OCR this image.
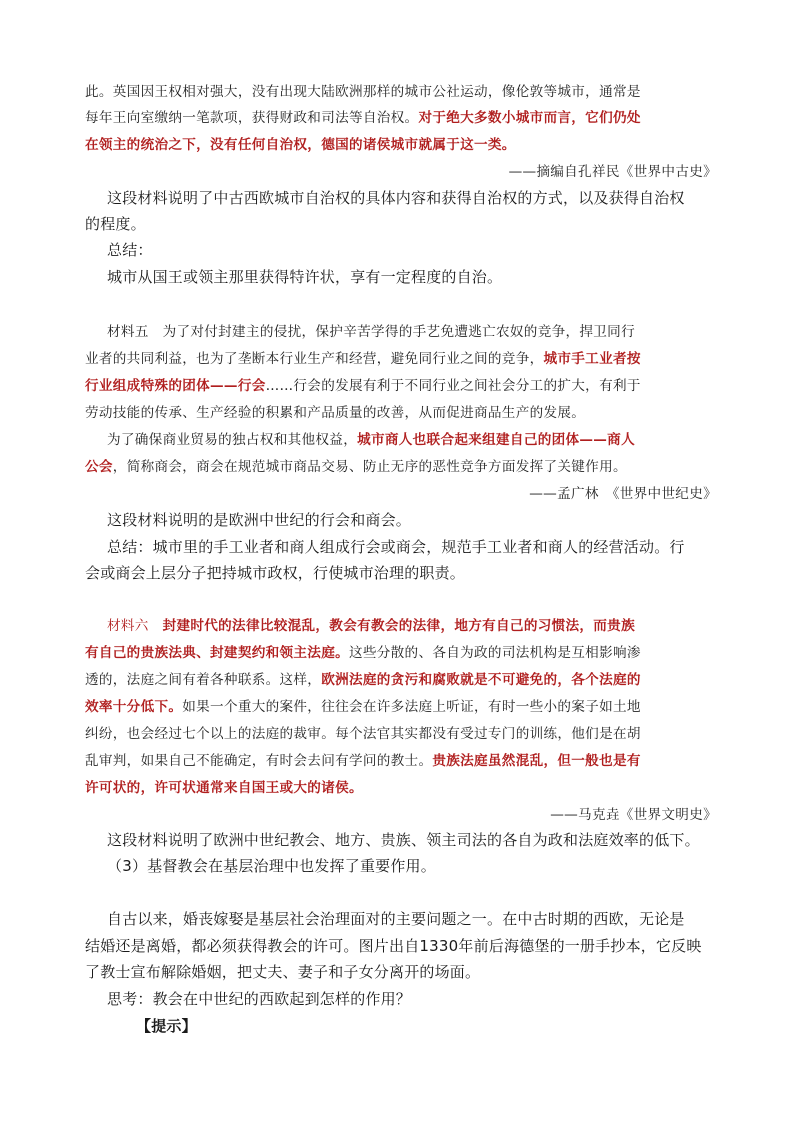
此。英国因王权相对强大，没有出现大陆欧洲那样的城市公社运动，像伦敦等城市，通常是
每年王向室缴纳一笔款项，获得财政和司法等自治权。对于绝大多数小城市而言，它们仍处
在领主的统治之下，没有任何自治权，德国的诸侯城市就属于这一类。
——摘编自孔祥民《世界中古史》
这段材料说明了中古西欧城市自治权的具体内容和获得自治权的方式，以及获得自治权
的程度。
总结：
城市从国王或领主那里获得特许状，享有一定程度的自治。
材料五　为了对付封建主的侵扰，保护辛苦学得的手艺免遭逃亡农奴的竞争，捍卫同行
业者的共同利益，也为了垄断本行业生产和经营，避免同行业之间的竞争，城市手工业者按
行业组成特殊的团体——行会……行会的发展有利于不同行业之间社会分工的扩大，有利于
劳动技能的传承、生产经验的积累和产品质量的改善，从而促进商品生产的发展。
为了确保商业贸易的独占权和其他权益，城市商人也联合起来组建自己的团体——商人
公会，简称商会，商会在规范城市商品交易、防止无序的恶性竞争方面发挥了关键作用。
——孟广林　《世界中世纪史》
这段材料说明的是欧洲中世纪的行会和商会。
总结：城市里的手工业者和商人组成行会或商会，规范手工业者和商人的经营活动。行
会或商会上层分子把持城市政权，行使城市治理的职责。
材料六　封建时代的法律比较混乱，教会有教会的法律，地方有自己的习惯法，而贵族
有自己的贵族法典、封建契约和领主法庭。这些分散的、各自为政的司法机构是互相影响渗
透的，法庭之间有着各种联系。这样，欧洲法庭的贪污和腐败就是不可避免的，各个法庭的
效率十分低下。如果一个重大的案件，往往会在许多法庭上听证，有时一些小的案子如土地
纠纷，也会经过七个以上的法庭的裁审。每个法官其实都没有受过专门的训练，他们是在胡
乱审判，如果自己不能确定，有时会去问有学问的教士。贵族法庭虽然混乱，但一般也是有
许可状的，许可状通常来自国王或大的诸侯。
——马克垚《世界文明史》
这段材料说明了欧洲中世纪教会、地方、贵族、领主司法的各自为政和法庭效率的低下。
（3）基督教会在基层治理中也发挥了重要作用。
自古以来，婚丧嫁娶是基层社会治理面对的主要问题之一。在中古时期的西欧，无论是
结婚还是离婚，都必须获得教会的许可。图片出自1330年前后海德堡的一册手抄本，它反映
了教士宣布解除婚姻，把丈夫、妻子和子女分离开的场面。
思考：教会在中世纪的西欧起到怎样的作用？
【提示】
